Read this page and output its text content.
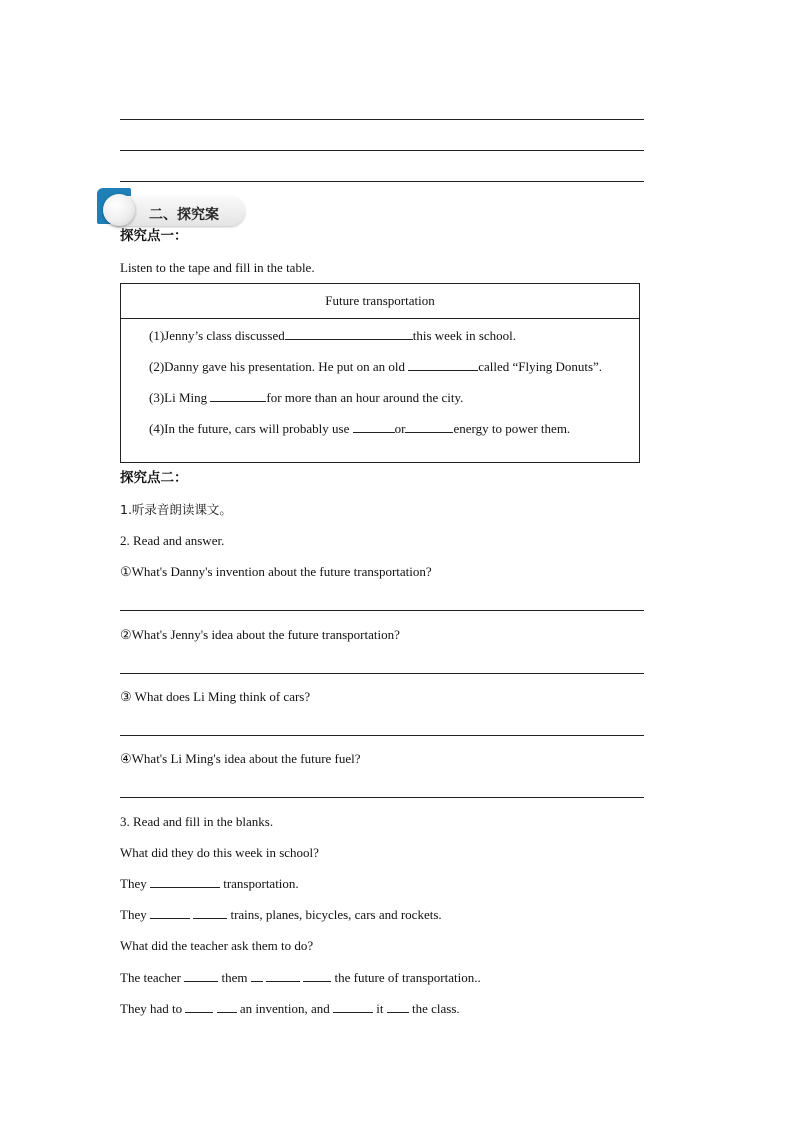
二、探究案
探究点一：
Listen to the tape and fill in the table.
Future transportation
(1)Jenny’s class discussed	this week in school.
(2)Danny gave his presentation. He put on an old	called “Flying Donuts”.
(3)Li Ming	for more than an hour around the city.
(4)In the future, cars will probably use	or	energy to power them.
探究点二：
1.听录音朗读课文。
2. Read and answer.
①What's Danny's invention about the future transportation?
②What's Jenny's idea about the future transportation?
③ What does Li Ming think of cars?
④What's Li Ming's idea about the future fuel?
3. Read and fill in the blanks.
What did they do this week in school?
They	transportation.
They	trains, planes, bicycles, cars and rockets.
What did the teacher ask them to do?
The teacher	them	the future of transportation..
They had to	an invention, and	it  the class.
